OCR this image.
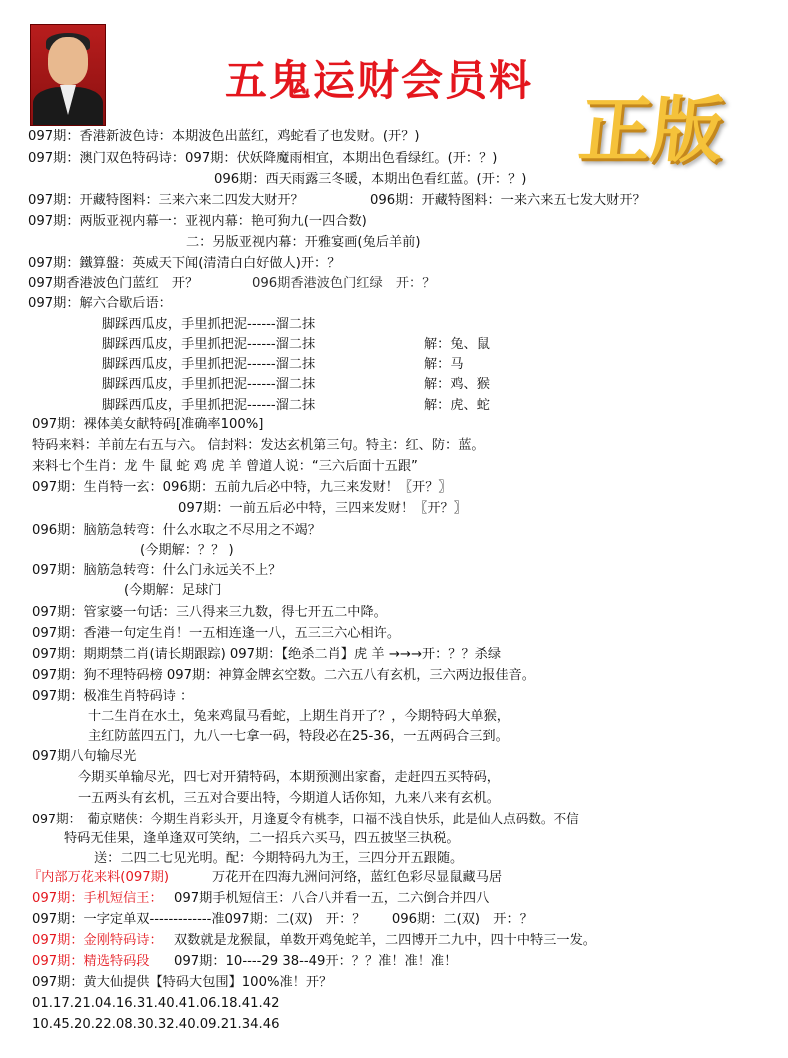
五鬼运财会员料
正版
097期：香港新波色诗：本期波色出蓝红，鸡蛇看了也发财。(开？)
097期：澳门双色特码诗：097期：伏妖降魔雨相宜，本期出色看绿红。(开：？)
096期：西天雨露三冬暖，本期出色看红蓝。(开：？)
097期：开藏特图料：三来六来二四发大财开？	096期：开藏特图料：一来六来五七发大财开？
097期：两版亚视内幕一：亚视内幕：艳可狗九(一四合数)
二：另版亚视内幕：开雅宴画(兔后羊前)
097期：鐵算盤：英威天下闻(清清白白好做人)开：？
097期香港波色门蓝红　开？	096期香港波色门红绿　开：？
097期：解六合歇后语：
脚踩西瓜皮，手里抓把泥------溜二抹
脚踩西瓜皮，手里抓把泥------溜二抹	解：兔、鼠
脚踩西瓜皮，手里抓把泥------溜二抹	解：马
脚踩西瓜皮，手里抓把泥------溜二抹	解：鸡、猴
脚踩西瓜皮，手里抓把泥------溜二抹	解：虎、蛇
097期：裸体美女献特码[准确率100%]
特码来料：羊前左右五与六。 信封料：发达玄机第三句。特主：红、防：蓝。
来料七个生肖：龙 牛 鼠 蛇 鸡 虎 羊 曾道人说：“三六后面十五跟”
097期：生肖特一玄：096期：五前九后必中特，九三来发财！〖开？〗
097期：一前五后必中特，三四来发财！〖开？〗
096期：脑筋急转弯：什么水取之不尽用之不竭？
(今期解：？？ )
097期：脑筋急转弯：什么门永远关不上？
(今期解：足球门
097期：管家婆一句话：三八得来三九数，得七开五二中降。
097期：香港一句定生肖！一五相连逢一八，五三三六心相许。
097期：期期禁二肖(请长期跟踪) 097期：【绝杀二肖】虎 羊 →→→开：？？杀绿
097期：狗不理特码榜 097期：神算金牌玄空数。二六五八有玄机，三六两边报佳音。
097期：极准生肖特码诗 ：
十二生肖在水土，兔来鸡鼠马看蛇，上期生肖开了？，今期特码大单猴，
主红防蓝四五门，九八一七拿一码，特段必在25-36，一五两码合三到。
097期八句输尽光
今期买单输尽光，四七对开猜特码，本期预测出家畜，走赶四五买特码，
一五两头有玄机，三五对合要出特，今期道人话你知，九来八来有玄机。
097期：　葡京赌侠：今期生肖彩头开，月逢夏令有桃李，口福不浅自快乐，此是仙人点码数。不信
特码无佳果，逢单逢双可笑纳，二一招兵六买马，四五披坚三执税。
送：二四二七见光明。配：今期特码九为王，三四分开五跟随。
『内部万花来料(097期)	万花开在四海九洲问河络，蓝红色彩尽显鼠藏马居
097期：手机短信王： 097期手机短信王：八合八并看一五，二六倒合并四八
097期：一字定单双-------------准097期：二(双)　开：？　　096期：二(双)　开：？
097期：金刚特码诗： 双数就是龙猴鼠，单数开鸡兔蛇羊，二四博开二九中，四十中特三一发。
097期：精选特码段 097期：10----29 38--49开：？？准！准！准！
097期：黄大仙提供【特码大包围】100%准！开？
01.17.21.04.16.31.40.41.06.18.41.42
10.45.20.22.08.30.32.40.09.21.34.46
